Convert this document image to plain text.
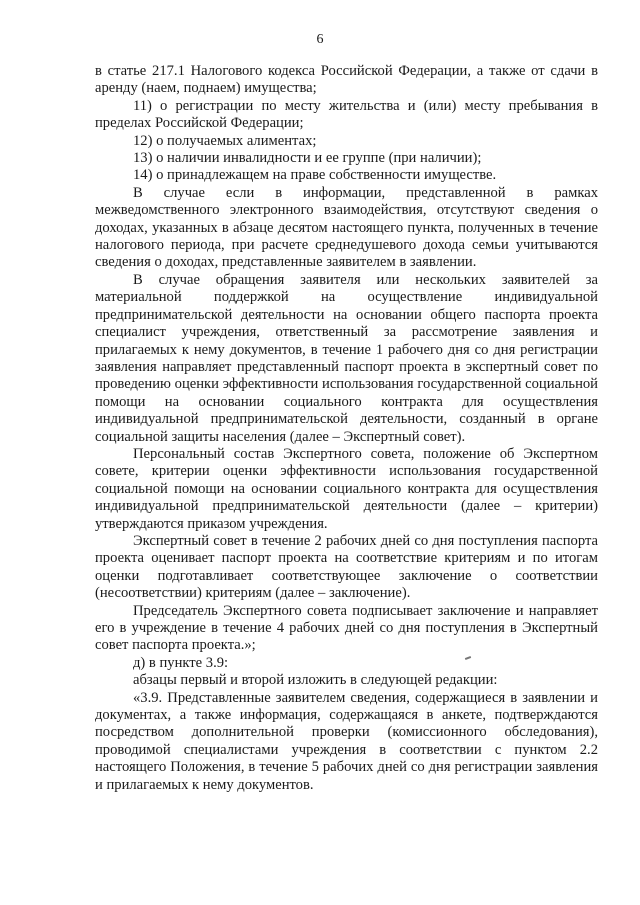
6

в статье 217.1 Налогового кодекса Российской Федерации, а также от сдачи в аренду (наем, поднаем) имущества;

11) о регистрации по месту жительства и (или) месту пребывания в пределах Российской Федерации;

12) о получаемых алиментах;

13) о наличии инвалидности и ее группе (при наличии);

14) о принадлежащем на праве собственности имуществе.

В случае если в информации, представленной в рамках межведомственного электронного взаимодействия, отсутствуют сведения о доходах, указанных в абзаце десятом настоящего пункта, полученных в течение налогового периода, при расчете среднедушевого дохода семьи учитываются сведения о доходах, представленные заявителем в заявлении.

В случае обращения заявителя или нескольких заявителей за материальной поддержкой на осуществление индивидуальной предпринимательской деятельности на основании общего паспорта проекта специалист учреждения, ответственный за рассмотрение заявления и прилагаемых к нему документов, в течение 1 рабочего дня со дня регистрации заявления направляет представленный паспорт проекта в экспертный совет по проведению оценки эффективности использования государственной социальной помощи на основании социального контракта для осуществления индивидуальной предпринимательской деятельности, созданный в органе социальной защиты населения (далее – Экспертный совет).

Персональный состав Экспертного совета, положение об Экспертном совете, критерии оценки эффективности использования государственной социальной помощи на основании социального контракта для осуществления индивидуальной предпринимательской деятельности (далее – критерии) утверждаются приказом учреждения.

Экспертный совет в течение 2 рабочих дней со дня поступления паспорта проекта оценивает паспорт проекта на соответствие критериям и по итогам оценки подготавливает соответствующее заключение о соответствии (несоответствии) критериям (далее – заключение).

Председатель Экспертного совета подписывает заключение и направляет его в учреждение в течение 4 рабочих дней со дня поступления в Экспертный совет паспорта проекта.»;

д) в пункте 3.9:

абзацы первый и второй изложить в следующей редакции:

«3.9. Представленные заявителем сведения, содержащиеся в заявлении и документах, а также информация, содержащаяся в анкете, подтверждаются посредством дополнительной проверки (комиссионного обследования), проводимой специалистами учреждения в соответствии с пунктом 2.2 настоящего Положения, в течение 5 рабочих дней со дня регистрации заявления и прилагаемых к нему документов.
